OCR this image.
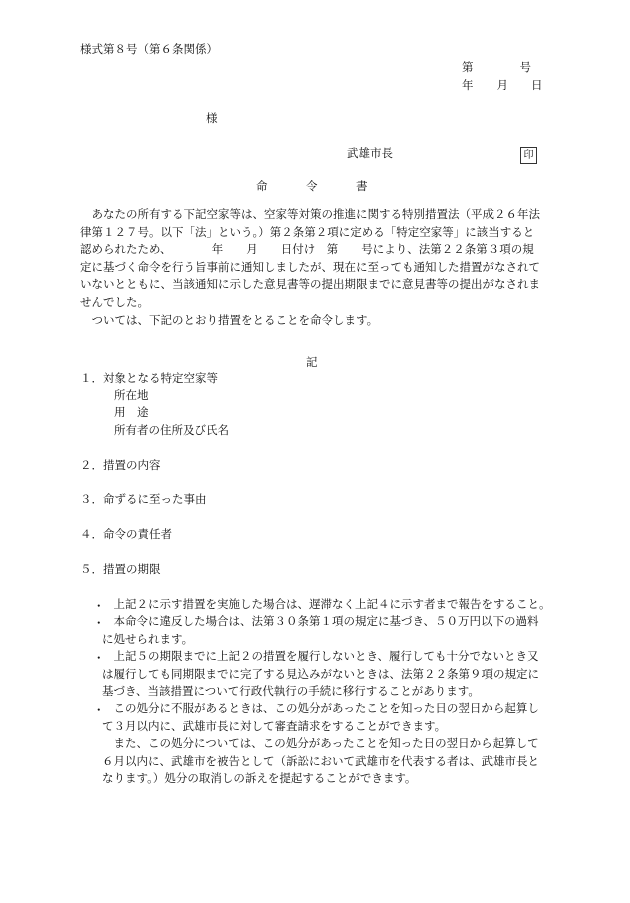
様式第８号（第６条関係）
第　　　　号
年　　月　　日
様
武雄市長	印
命　　　令　　　書
　あなたの所有する下記空家等は、空家等対策の推進に関する特別措置法（平成２６年法
律第１２７号。以下「法」という。）第２条第２項に定める「特定空家等」に該当すると
認められたため、　　　　年　　月　　日付け　第　　号により、法第２２条第３項の規
定に基づく命令を行う旨事前に通知しましたが、現在に至っても通知した措置がなされて
いないとともに、当該通知に示した意見書等の提出期限までに意見書等の提出がなされま
せんでした。
　ついては、下記のとおり措置をとることを命令します。
記
１．対象となる特定空家等
所在地
用　途
所有者の住所及び氏名
２．措置の内容
３．命ずるに至った事由
４．命令の責任者
５．措置の期限
・
　上記２に示す措置を実施した場合は、遅滞なく上記４に示す者まで報告をすること。
・
　本命令に違反した場合は、法第３０条第１項の規定に基づき、５０万円以下の過料
に処せられます。
・
　上記５の期限までに上記２の措置を履行しないとき、履行しても十分でないとき又
は履行しても同期限までに完了する見込みがないときは、法第２２条第９項の規定に
基づき、当該措置について行政代執行の手続に移行することがあります。
・
　この処分に不服があるときは、この処分があったことを知った日の翌日から起算し
て３月以内に、武雄市長に対して審査請求をすることができます。
　また、この処分については、この処分があったことを知った日の翌日から起算して
６月以内に、武雄市を被告として（訴訟において武雄市を代表する者は、武雄市長と
なります。）処分の取消しの訴えを提起することができます。
